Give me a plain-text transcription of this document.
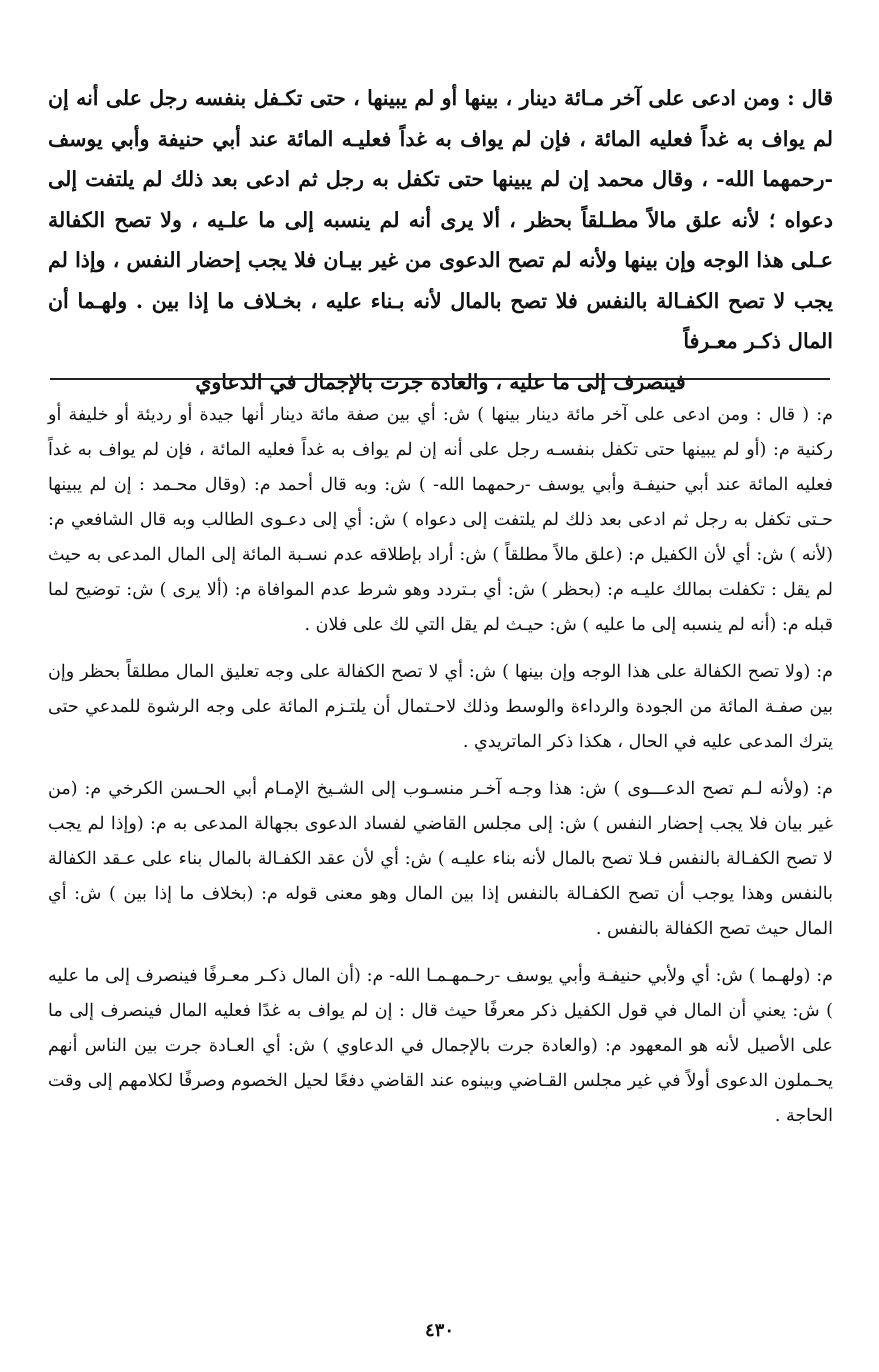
قال : ومن ادعى على آخر مـائة دينار ، بينها أو لم يبينها ، حتى تكـفل بنفسه رجل على أنه إن لم يواف به غداً فعليه المائة ، فإن لم يواف به غداً فعليـه المائة عند أبي حنيفة وأبي يوسف -رحمهما الله- ، وقال محمد إن لم يبينها حتى تكفل به رجل ثم ادعى بعد ذلك لم يلتفت إلى دعواه ؛ لأنه علق مالاً مطـلقاً بحظر ، ألا يرى أنه لم ينسبه إلى ما علـيه ، ولا تصح الكفالة عـلى هذا الوجه وإن بينها ولأنه لم تصح الدعوى من غير بيـان فلا يجب إحضار النفس ، وإذا لم يجب لا تصح الكفـالة بالنفس فلا تصح بالمال لأنه بـناء عليه ، بخـلاف ما إذا بين . ولهـما أن المال ذكـر معـرفاً
فينصرف إلى ما عليه ، والعادة جرت بالإجمال في الدعاوي

م: ( قال : ومن ادعى على آخر مائة دينار بينها ) ش: أي بين صفة مائة دينار أنها جيدة أو رديئة أو خليفة أو ركنية م: (أو لم يبينها حتى تكفل بنفسـه رجل على أنه إن لم يواف به غداً فعليه المائة ، فإن لم يواف به غداً فعليه المائة عند أبي حنيفـة وأبي يوسف -رحمهما الله- ) ش: وبه قال أحمد م: (وقال محـمد : إن لم يبينها حـتى تكفل به رجل ثم ادعى بعد ذلك لم يلتفت إلى دعواه ) ش: أي إلى دعـوى الطالب وبه قال الشافعي م: (لأنه ) ش: أي لأن الكفيل م: (علق مالاً مطلقاً ) ش: أراد بإطلاقه عدم نسـبة المائة إلى المال المدعى به حيث لم يقل : تكفلت بمالك عليـه م: (بحظر ) ش: أي بـتردد وهو شرط عدم الموافاة م: (ألا يرى ) ش: توضيح لما قبله م: (أنه لم ينسبه إلى ما عليه ) ش: حيـث لم يقل التي لك على فلان .

م: (ولا تصح الكفالة على هذا الوجه وإن بينها ) ش: أي لا تصح الكفالة على وجه تعليق المال مطلقاً بحظر وإن بين صفـة المائة من الجودة والرداءة والوسط وذلك لاحـتمال أن يلتـزم المائة على وجه الرشوة للمدعي حتى يترك المدعى عليه في الحال ، هكذا ذكر الماتريدي .

م: (ولأنه لـم تصح الدعـــوى ) ش: هذا وجـه آخـر منسـوب إلى الشـيخ الإمـام أبي الحـسن الكرخي م: (من غير بيان فلا يجب إحضار النفس ) ش: إلى مجلس القاضي لفساد الدعوى بجهالة المدعى به م: (وإذا لم يجب لا تصح الكفـالة بالنفس فـلا تصح بالمال لأنه بناء عليـه ) ش: أي لأن عقد الكفـالة بالمال بناء على عـقد الكفالة بالنفس وهذا يوجب أن تصح الكفـالة بالنفس إذا بين المال وهو معنى قوله م: (بخلاف ما إذا بين ) ش: أي المال حيث تصح الكفالة بالنفس .

م: (ولهـما ) ش: أي ولأبي حنيفـة وأبي يوسف -رحـمهـمـا الله- م: (أن المال ذكـر معـرفًا فينصرف إلى ما عليه ) ش: يعني أن المال في قول الكفيل ذكر معرفًا حيث قال : إن لم يواف به غدًا فعليه المال فينصرف إلى ما على الأصيل لأنه هو المعهود م: (والعادة جرت بالإجمال في الدعاوي ) ش: أي العـادة جرت بين الناس أنهم يحـملون الدعوى أولاً في غير مجلس القـاضي وبينوه عند القاضي دفعًا لحيل الخصوم وصرفًا لكلامهم إلى وقت الحاجة .

٤٣٠
